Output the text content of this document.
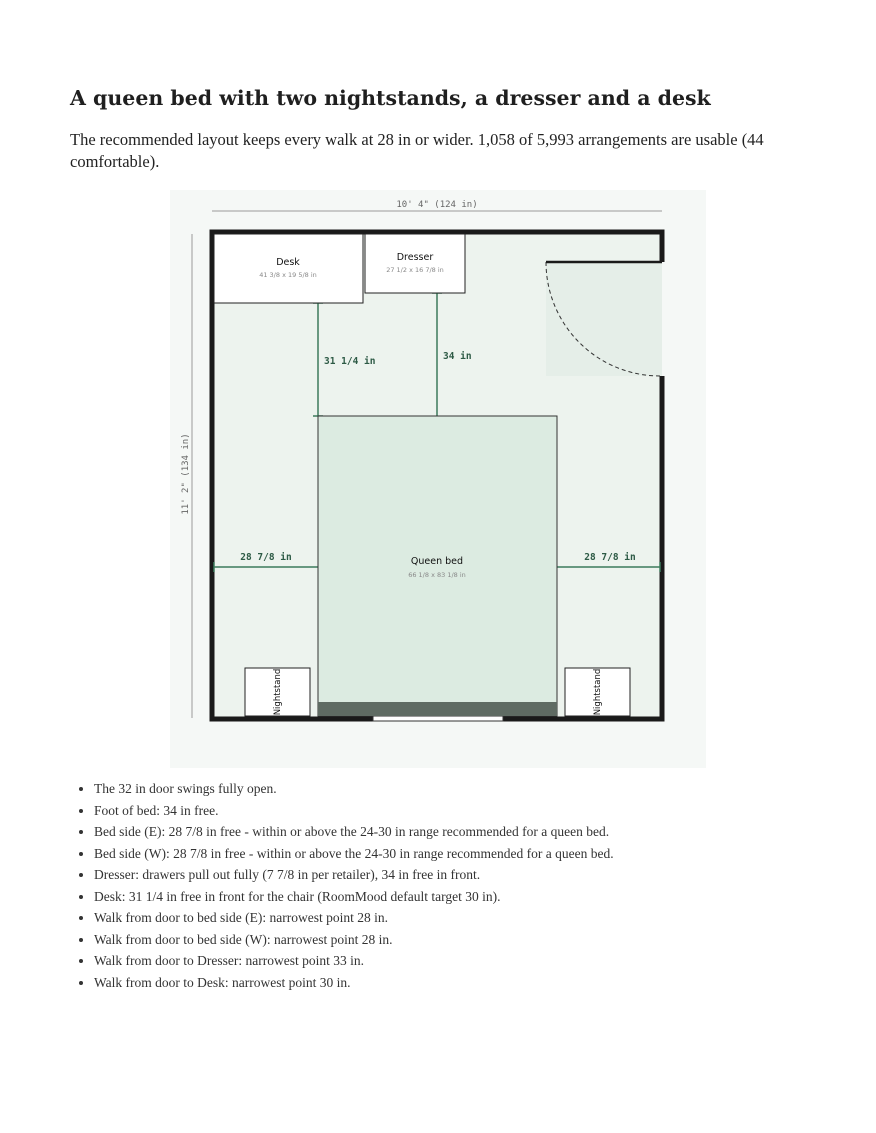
A queen bed with two nightstands, a dresser and a desk

The recommended layout keeps every walk at 28 in or wider. 1,058 of 5,993 arrangements are usable (44 comfortable).

10' 4" (124 in)
11' 2" (134 in)
Desk
41 3/8 x 19 5/8 in
Dresser
27 1/2 x 16 7/8 in
Queen bed
66 1/8 x 83 1/8 in
Nightstand	Nightstand
31 1/4 in	34 in
28 7/8 in	28 7/8 in
• The 32 in door swings fully open.
• Foot of bed: 34 in free.
• Bed side (E): 28 7/8 in free - within or above the 24-30 in range recommended for a queen bed.
• Bed side (W): 28 7/8 in free - within or above the 24-30 in range recommended for a queen bed.
• Dresser: drawers pull out fully (7 7/8 in per retailer), 34 in free in front.
• Desk: 31 1/4 in free in front for the chair (RoomMood default target 30 in).
• Walk from door to bed side (E): narrowest point 28 in.
• Walk from door to bed side (W): narrowest point 28 in.
• Walk from door to Dresser: narrowest point 33 in.
• Walk from door to Desk: narrowest point 30 in.
